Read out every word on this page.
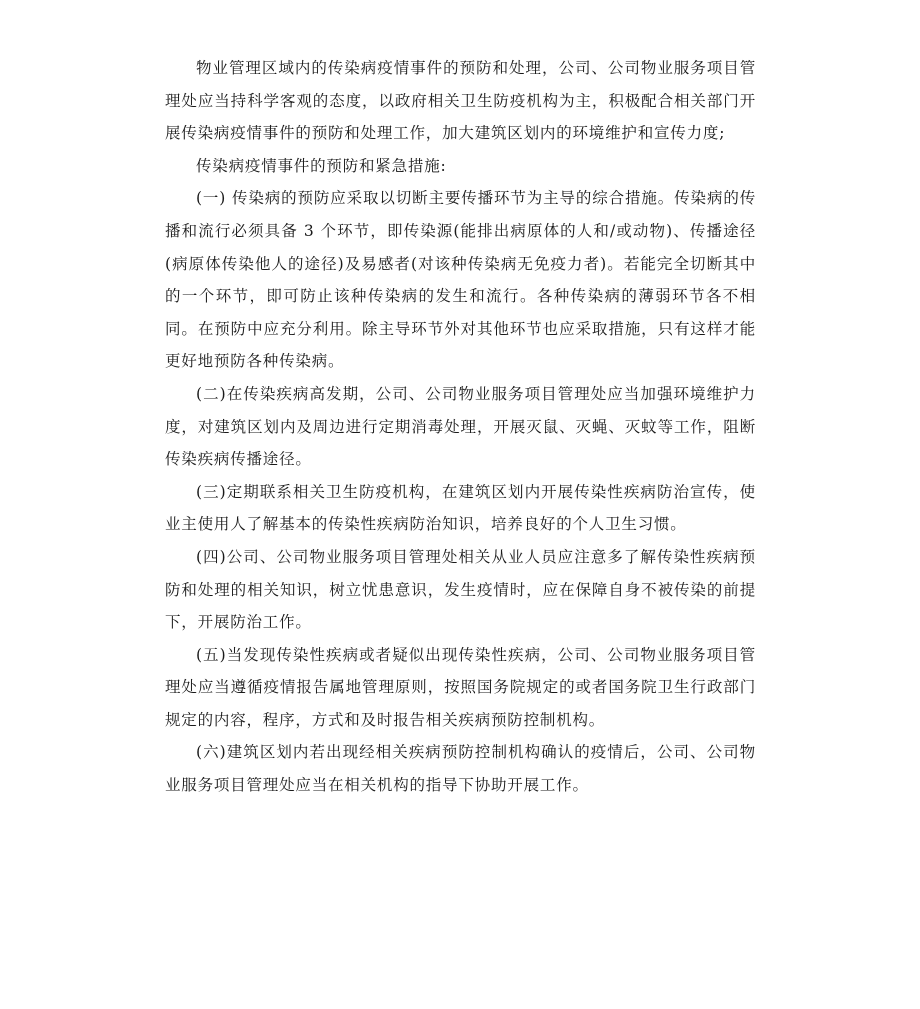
物业管理区域内的传染病疫情事件的预防和处理，公司、公司物业服务项目管理处应当持科学客观的态度，以政府相关卫生防疫机构为主，积极配合相关部门开展传染病疫情事件的预防和处理工作，加大建筑区划内的环境维护和宣传力度;

传染病疫情事件的预防和紧急措施:

(一) 传染病的预防应采取以切断主要传播环节为主导的综合措施。传染病的传播和流行必须具备 3 个环节，即传染源(能排出病原体的人和/或动物)、传播途径(病原体传染他人的途径)及易感者(对该种传染病无免疫力者)。若能完全切断其中的一个环节，即可防止该种传染病的发生和流行。各种传染病的薄弱环节各不相同。在预防中应充分利用。除主导环节外对其他环节也应采取措施，只有这样才能更好地预防各种传染病。

(二)在传染疾病高发期，公司、公司物业服务项目管理处应当加强环境维护力度，对建筑区划内及周边进行定期消毒处理，开展灭鼠、灭蝇、灭蚊等工作，阻断传染疾病传播途径。

(三)定期联系相关卫生防疫机构，在建筑区划内开展传染性疾病防治宣传，使业主使用人了解基本的传染性疾病防治知识，培养良好的个人卫生习惯。

(四)公司、公司物业服务项目管理处相关从业人员应注意多了解传染性疾病预防和处理的相关知识，树立忧患意识，发生疫情时，应在保障自身不被传染的前提下，开展防治工作。

(五)当发现传染性疾病或者疑似出现传染性疾病，公司、公司物业服务项目管理处应当遵循疫情报告属地管理原则，按照国务院规定的或者国务院卫生行政部门规定的内容，程序，方式和及时报告相关疾病预防控制机构。

(六)建筑区划内若出现经相关疾病预防控制机构确认的疫情后，公司、公司物业服务项目管理处应当在相关机构的指导下协助开展工作。
